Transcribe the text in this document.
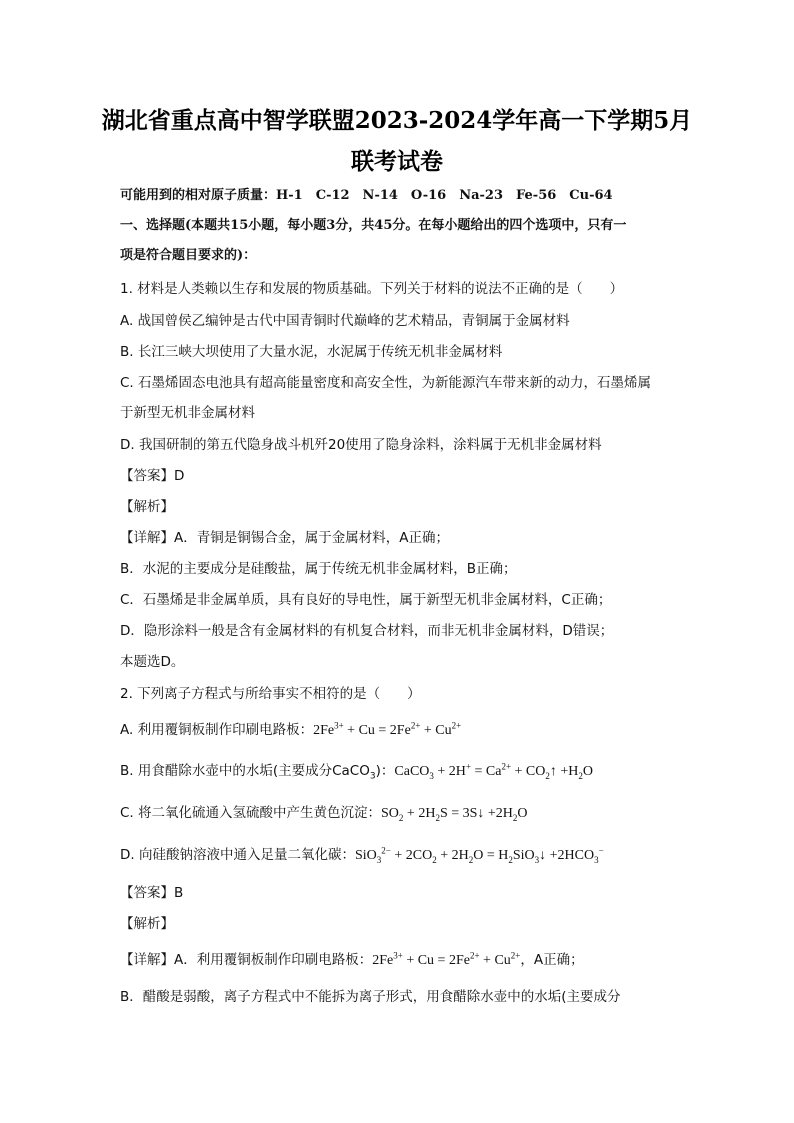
湖北省重点高中智学联盟2023-2024学年高一下学期5月
联考试卷
可能用到的相对原子质量：H-1　C-12　N-14　O-16　Na-23　Fe-56　Cu-64
一、选择题(本题共15小题，每小题3分，共45分。在每小题给出的四个选项中，只有一
项是符合题目要求的)：
1. 材料是人类赖以生存和发展的物质基础。下列关于材料的说法不正确的是（　　）
A. 战国曾侯乙编钟是古代中国青铜时代巅峰的艺术精品，青铜属于金属材料
B. 长江三峡大坝使用了大量水泥，水泥属于传统无机非金属材料
C. 石墨烯固态电池具有超高能量密度和高安全性，为新能源汽车带来新的动力，石墨烯属
于新型无机非金属材料
D. 我国研制的第五代隐身战斗机歼20使用了隐身涂料，涂料属于无机非金属材料
【答案】D
【解析】
【详解】A．青铜是铜锡合金，属于金属材料，A正确；
B．水泥的主要成分是硅酸盐，属于传统无机非金属材料，B正确；
C．石墨烯是非金属单质，具有良好的导电性，属于新型无机非金属材料，C正确；
D．隐形涂料一般是含有金属材料的有机复合材料，而非无机非金属材料，D错误；
本题选D。
2. 下列离子方程式与所给事实不相符的是（　　）
A. 利用覆铜板制作印刷电路板：$2Fe^{3+} + Cu = 2Fe^{2+} + Cu^{2+}$
B. 用食醋除水壶中的水垢(主要成分CaCO$_3$)：CaCO$_3$ + $2H^+ = Ca^{2+}$ + $CO_2↑ +H_2O$
C. 将二氧化硫通入氢硫酸中产生黄色沉淀：$SO_2 + 2H_2S$ = 3S↓ $+2H_2O$
D. 向硅酸钠溶液中通入足量二氧化碳：$SiO_3^{2-} + 2CO_2 + 2H_2O$ = $H_2SiO_3↓ +2HCO_3^-$
【答案】B
【解析】
【详解】A．利用覆铜板制作印刷电路板：$2Fe^{3+} + Cu = 2Fe^{2+} + Cu^{2+}$，A正确；
B．醋酸是弱酸，离子方程式中不能拆为离子形式，用食醋除水壶中的水垢(主要成分
